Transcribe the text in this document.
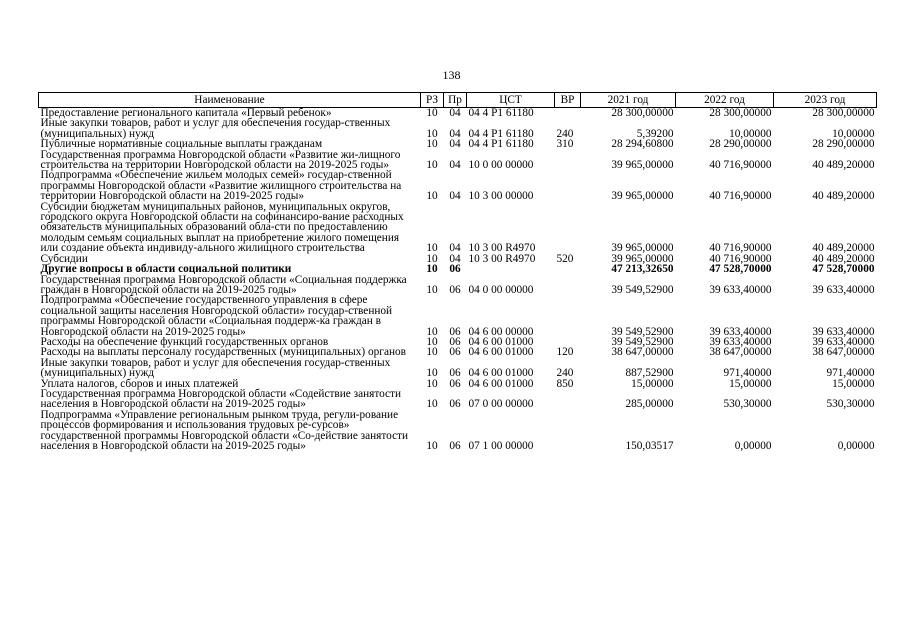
138
Наименование	РЗ	Пр	ЦСТ	ВР	2021 год	2022 год	2023 год
Предоставление регионального капитала «Первый ребенок»	10	04	04 4 P1 61180		28 300,00000	28 300,00000	28 300,00000
Иные закупки товаров, работ и услуг для обеспечения государ-ственных (муниципальных) нужд	10	04	04 4 P1 61180	240	5,39200	10,00000	10,00000
Публичные нормативные социальные выплаты гражданам	10	04	04 4 P1 61180	310	28 294,60800	28 290,00000	28 290,00000
Государственная программа Новгородской области «Развитие жи-лищного строительства на территории Новгородской области на 2019-2025 годы»	10	04	10 0 00 00000		39 965,00000	40 716,90000	40 489,20000
Подпрограмма «Обеспечение жильем молодых семей» государ-ственной программы Новгородской области «Развитие жилищного строительства на территории Новгородской области на 2019-2025 годы»	10	04	10 3 00 00000		39 965,00000	40 716,90000	40 489,20000
Субсидии бюджетам муниципальных районов, муниципальных округов, городского округа Новгородской области на софинансиро-вание расходных обязательств муниципальных образований обла-сти по предоставлению молодым семьям социальных выплат на приобретение жилого помещения или создание объекта индивиду-ального жилищного строительства	10	04	10 3 00 R4970		39 965,00000	40 716,90000	40 489,20000
Субсидии	10	04	10 3 00 R4970	520	39 965,00000	40 716,90000	40 489,20000
Другие вопросы в области социальной политики	10	06			47 213,32650	47 528,70000	47 528,70000
Государственная программа Новгородской области «Социальная поддержка граждан в Новгородской области на 2019-2025 годы»	10	06	04 0 00 00000		39 549,52900	39 633,40000	39 633,40000
Подпрограмма «Обеспечение государственного управления в сфере социальной защиты населения Новгородской области» государ-ственной программы Новгородской области «Социальная поддерж-ка граждан в Новгородской области на 2019-2025 годы»	10	06	04 6 00 00000		39 549,52900	39 633,40000	39 633,40000
Расходы на обеспечение функций государственных органов	10	06	04 6 00 01000		39 549,52900	39 633,40000	39 633,40000
Расходы на выплаты персоналу государственных (муниципальных) органов	10	06	04 6 00 01000	120	38 647,00000	38 647,00000	38 647,00000
Иные закупки товаров, работ и услуг для обеспечения государ-ственных (муниципальных) нужд	10	06	04 6 00 01000	240	887,52900	971,40000	971,40000
Уплата налогов, сборов и иных платежей	10	06	04 6 00 01000	850	15,00000	15,00000	15,00000
Государственная программа Новгородской области «Содействие занятости населения в Новгородской области на 2019-2025 годы»	10	06	07 0 00 00000		285,00000	530,30000	530,30000
Подпрограмма «Управление региональным рынком труда, регули-рование процессов формирования и использования трудовых ре-сурсов» государственной программы Новгородской области «Со-действие занятости населения в Новгородской области на 2019-2025 годы»	10	06	07 1 00 00000		150,03517	0,00000	0,00000
